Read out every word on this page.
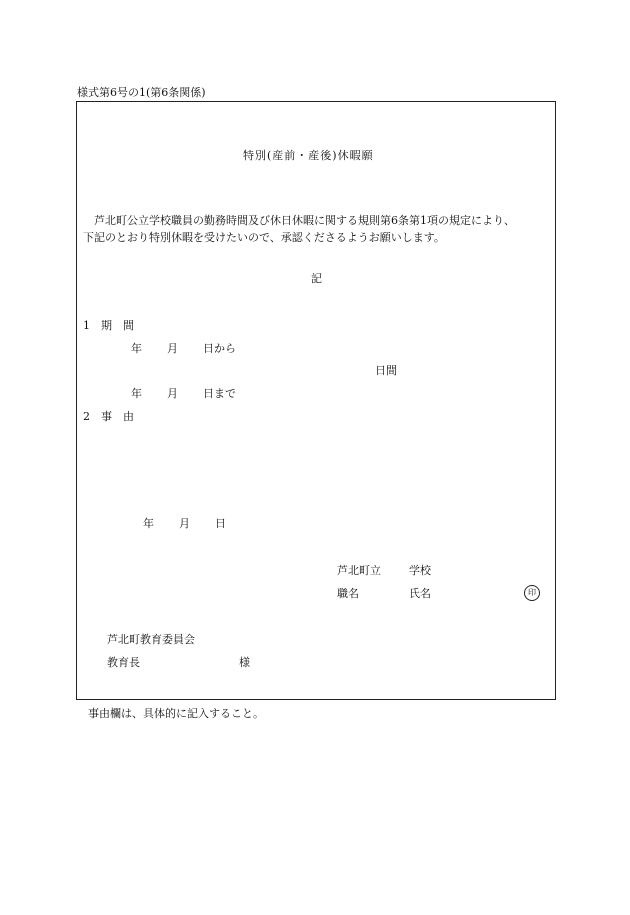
様式第6号の1(第6条関係)
特別(産前・産後)休暇願
芦北町公立学校職員の勤務時間及び休日休暇に関する規則第6条第1項の規定により、
下記のとおり特別休暇を受けたいので、承認くださるようお願いします。
記
1　期　間
年 月 日から
日間
年 月 日まで
2　事　由
年 月 日
芦北町立	学校
職名	氏名	印
芦北町教育委員会
教育長	様
事由欄は、具体的に記入すること。
